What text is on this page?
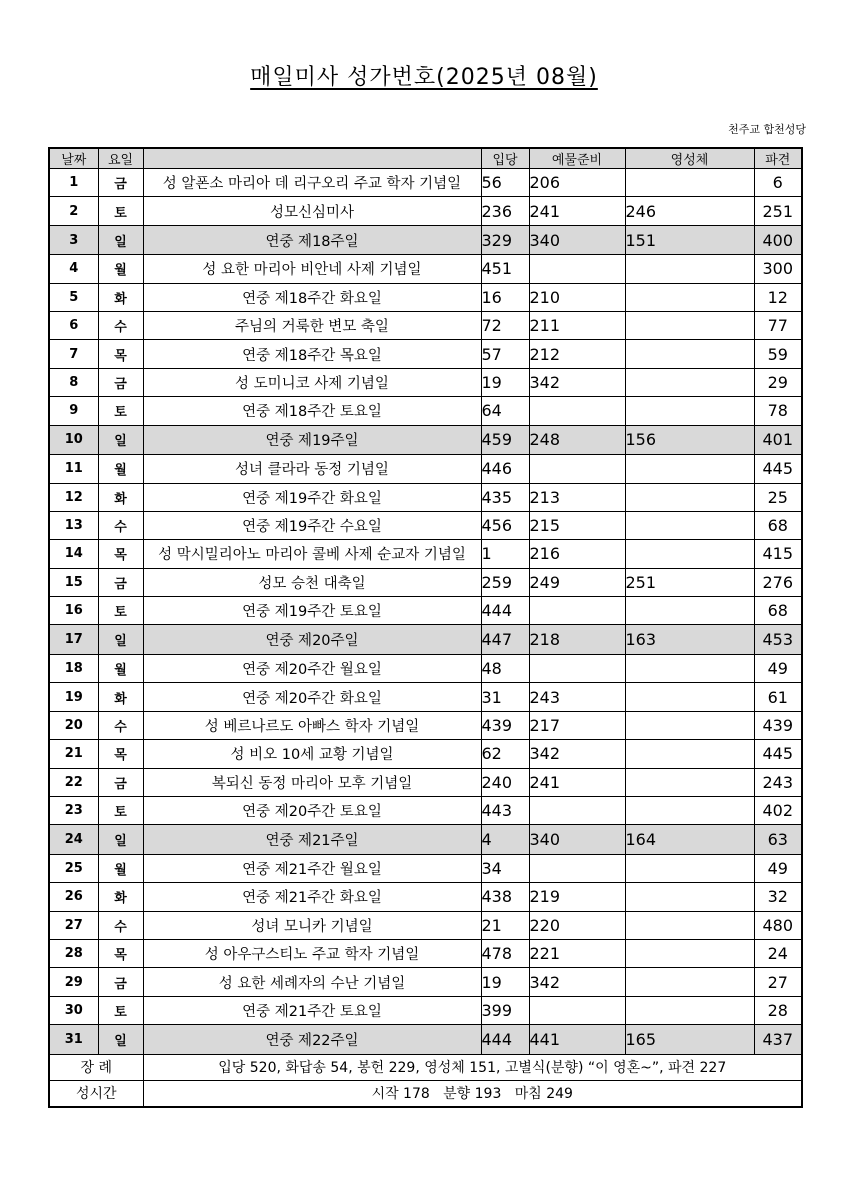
매일미사 성가번호(2025년 08월)
천주교 합천성당
날짜	요일		입당	예물준비	영성체	파견
1	금	성 알폰소 마리아 데 리구오리 주교 학자 기념일	56	206		6
2	토	성모신심미사	236	241	246	251
3	일	연중 제18주일	329	340	151	400
4	월	성 요한 마리아 비안네 사제 기념일	451			300
5	화	연중 제18주간 화요일	16	210		12
6	수	주님의 거룩한 변모 축일	72	211		77
7	목	연중 제18주간 목요일	57	212		59
8	금	성 도미니코 사제 기념일	19	342		29
9	토	연중 제18주간 토요일	64			78
10	일	연중 제19주일	459	248	156	401
11	월	성녀 클라라 동정 기념일	446			445
12	화	연중 제19주간 화요일	435	213		25
13	수	연중 제19주간 수요일	456	215		68
14	목	성 막시밀리아노 마리아 콜베 사제 순교자 기념일	1	216		415
15	금	성모 승천 대축일	259	249	251	276
16	토	연중 제19주간 토요일	444			68
17	일	연중 제20주일	447	218	163	453
18	월	연중 제20주간 월요일	48			49
19	화	연중 제20주간 화요일	31	243		61
20	수	성 베르나르도 아빠스 학자 기념일	439	217		439
21	목	성 비오 10세 교황 기념일	62	342		445
22	금	복되신 동정 마리아 모후 기념일	240	241		243
23	토	연중 제20주간 토요일	443			402
24	일	연중 제21주일	4	340	164	63
25	월	연중 제21주간 월요일	34			49
26	화	연중 제21주간 화요일	438	219		32
27	수	성녀 모니카 기념일	21	220		480
28	목	성 아우구스티노 주교 학자 기념일	478	221		24
29	금	성 요한 세례자의 수난 기념일	19	342		27
30	토	연중 제21주간 토요일	399			28
31	일	연중 제22주일	444	441	165	437
장 례		입당 520, 화답송 54, 봉헌 229, 영성체 151, 고별식(분향) “이 영혼~”, 파견 227				
성시간		시작 178   분향 193   마침 249				
